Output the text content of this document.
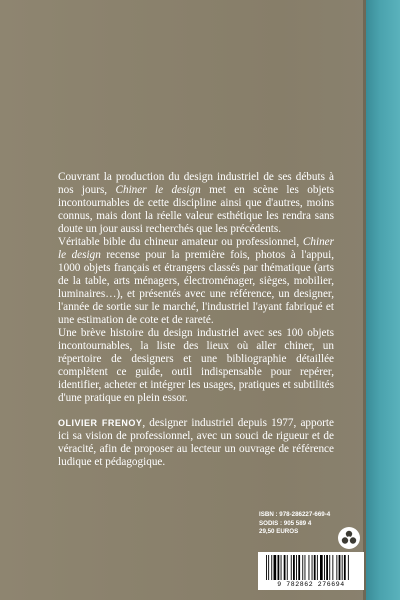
Couvrant la production du design industriel de ses débuts à nos jours, Chiner le design met en scène les objets incontournables de cette discipline ainsi que d'autres, moins connus, mais dont la réelle valeur esthétique les rendra sans doute un jour aussi recherchés que les précédents.

Véritable bible du chineur amateur ou professionnel, Chiner le design recense pour la première fois, photos à l'appui, 1000 objets français et étrangers classés par thématique (arts de la table, arts ménagers, électroménager, sièges, mobilier, luminaires…), et présentés avec une référence, un designer, l'année de sortie sur le marché, l'industriel l'ayant fabriqué et une estimation de cote et de rareté.

Une brève histoire du design industriel avec ses 100 objets incontournables, la liste des lieux où aller chiner, un répertoire de designers et une bibliographie détaillée complètent ce guide, outil indispensable pour repérer, identifier, acheter et intégrer les usages, pratiques et subtilités d'une pratique en plein essor.

OLIVIER FRENOY, designer industriel depuis 1977, apporte ici sa vision de professionnel, avec un souci de rigueur et de véracité, afin de proposer au lecteur un ouvrage de référence ludique et pédagogique.

ISBN : 978-286227-669-4
SODIS : 905 589 4
29,50 EUROS
9 782862 276694
